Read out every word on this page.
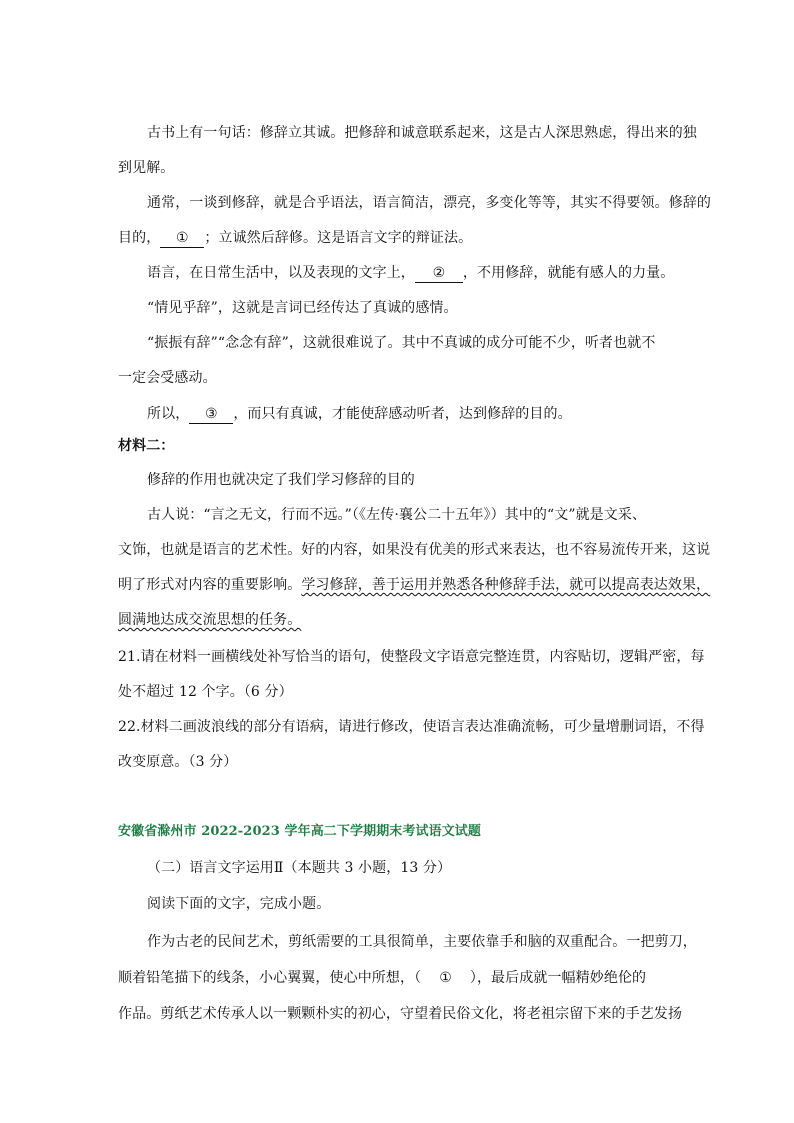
古书上有一句话：修辞立其诚。把修辞和诚意联系起来，这是古人深思熟虑，得出来的独
到见解。
通常，一谈到修辞，就是合乎语法，语言简洁，漂亮，多变化等等，其实不得要领。修辞的
目的， ① ；立诚然后辞修。这是语言文字的辩证法。
语言，在日常生活中，以及表现的文字上， ② ，不用修辞，就能有感人的力量。
“情见乎辞”，这就是言词已经传达了真诚的感情。
“振振有辞”“念念有辞”，这就很难说了。其中不真诚的成分可能不少，听者也就不
一定会受感动。
所以， ③ ，而只有真诚，才能使辞感动听者，达到修辞的目的。
材料二：
修辞的作用也就决定了我们学习修辞的目的
古人说：“言之无文，行而不远。”（《左传·襄公二十五年》）其中的“文”就是文采、
文饰，也就是语言的艺术性。好的内容，如果没有优美的形式来表达，也不容易流传开来，这说
明了形式对内容的重要影响。学习修辞，善于运用并熟悉各种修辞手法，就可以提高表达效果，
圆满地达成交流思想的任务。
21.请在材料一画横线处补写恰当的语句，使整段文字语意完整连贯，内容贴切，逻辑严密，每
处不超过 12 个字。（6 分）
22.材料二画波浪线的部分有语病，请进行修改，使语言表达准确流畅，可少量增删词语，不得
改变原意。（3 分）
安徽省滁州市 2022-2023 学年高二下学期期末考试语文试题
（二）语言文字运用Ⅱ（本题共 3 小题，13 分）
阅读下面的文字，完成小题。
作为古老的民间艺术，剪纸需要的工具很简单，主要依靠手和脑的双重配合。一把剪刀，
顺着铅笔描下的线条，小心翼翼，使心中所想，（ ① ），最后成就一幅精妙绝伦的
作品。剪纸艺术传承人以一颗颗朴实的初心，守望着民俗文化，将老祖宗留下来的手艺发扬
